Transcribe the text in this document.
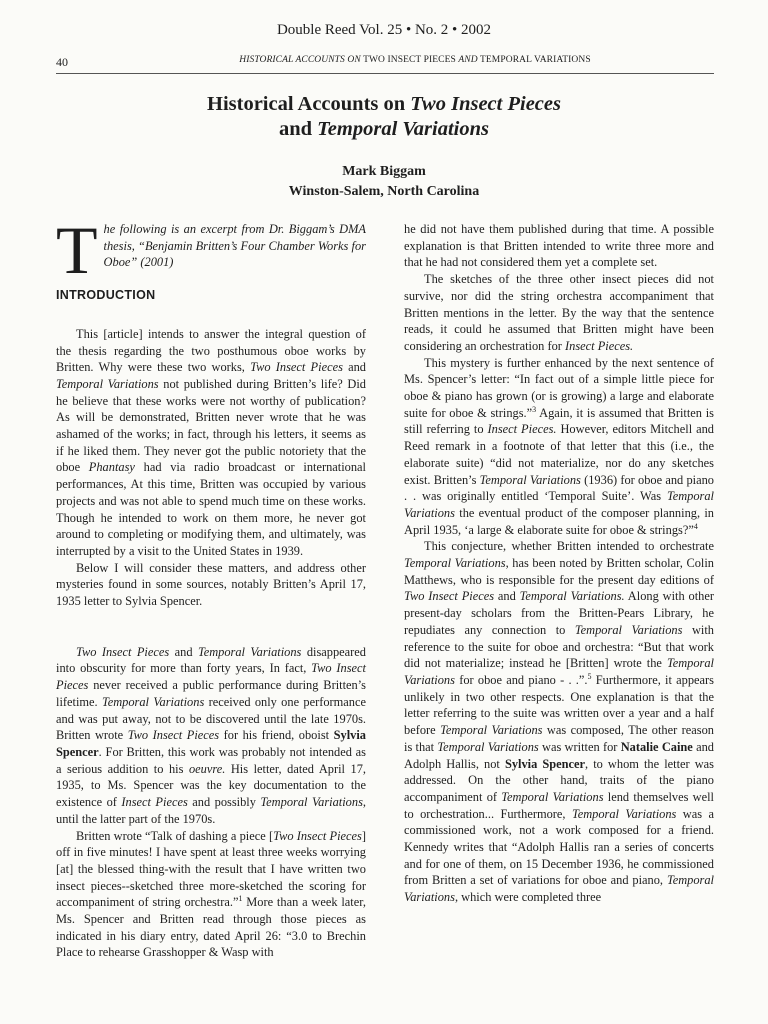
Double Reed Vol. 25 • No. 2 • 2002
40	HISTORICAL ACCOUNTS ON TWO INSECT PIECES AND TEMPORAL VARIATIONS
Historical Accounts on Two Insect Pieces
and Temporal Variations
Mark Biggam
Winston-Salem, North Carolina

The following is an excerpt from Dr. Biggam’s DMA thesis, “Benjamin Britten’s Four Chamber Works for Oboe” (2001)

INTRODUCTION

This [article] intends to answer the integral question of the thesis regarding the two posthumous oboe works by Britten. Why were these two works, Two Insect Pieces and Temporal Variations not published during Britten’s life? Did he believe that these works were not worthy of publication? As will be demonstrated, Britten never wrote that he was ashamed of the works; in fact, through his letters, it seems as if he liked them. They never got the public notoriety that the oboe Phantasy had via radio broadcast or international performances, At this time, Britten was occupied by various projects and was not able to spend much time on these works. Though he intended to work on them more, he never got around to completing or modifying them, and ultimately, was interrupted by a visit to the United States in 1939.

Below I will consider these matters, and address other mysteries found in some sources, notably Britten’s April 17, 1935 letter to Sylvia Spencer.

Two Insect Pieces and Temporal Variations disappeared into obscurity for more than forty years, In fact, Two Insect Pieces never received a public performance during Britten’s lifetime. Temporal Variations received only one performance and was put away, not to be discovered until the late 1970s. Britten wrote Two Insect Pieces for his friend, oboist Sylvia Spencer. For Britten, this work was probably not intended as a serious addition to his oeuvre. His letter, dated April 17, 1935, to Ms. Spencer was the key documentation to the existence of Insect Pieces and possibly Temporal Variations, until the latter part of the 1970s.

Britten wrote “Talk of dashing a piece [Two Insect Pieces] off in five minutes! I have spent at least three weeks worrying [at] the blessed thing-with the result that I have written two insect pieces--sketched three more-sketched the scoring for accompaniment of string orchestra.”$^1$ More than a week later, Ms. Spencer and Britten read through those pieces as indicated in his diary entry, dated April 26: “3.0 to Brechin Place to rehearse Grasshopper & Wasp with

he did not have them published during that time. A possible explanation is that Britten intended to write three more and that he had not considered them yet a complete set.

The sketches of the three other insect pieces did not survive, nor did the string orchestra accompaniment that Britten mentions in the letter. By the way that the sentence reads, it could he assumed that Britten might have been considering an orchestration for Insect Pieces.

This mystery is further enhanced by the next sentence of Ms. Spencer’s letter: “In fact out of a simple little piece for oboe & piano has grown (or is growing) a large and elaborate suite for oboe & strings.”$^3$ Again, it is assumed that Britten is still referring to Insect Pieces. However, editors Mitchell and Reed remark in a footnote of that letter that this (i.e., the elaborate suite) “did not materialize, nor do any sketches exist. Britten’s Temporal Variations (1936) for oboe and piano . . was originally entitled ‘Temporal Suite’. Was Temporal Variations the eventual product of the composer planning, in April 1935, ‘a large & elaborate suite for oboe & strings?”$^4$

This conjecture, whether Britten intended to orchestrate Temporal Variations, has been noted by Britten scholar, Colin Matthews, who is responsible for the present day editions of Two Insect Pieces and Temporal Variations. Along with other present-day scholars from the Britten-Pears Library, he repudiates any connection to Temporal Variations with reference to the suite for oboe and orchestra: “But that work did not materialize; instead he [Britten] wrote the Temporal Variations for oboe and piano - . .”.$^5$ Furthermore, it appears unlikely in two other respects. One explanation is that the letter referring to the suite was written over a year and a half before Temporal Variations was composed, The other reason is that Temporal Variations was written for Natalie Caine and Adolph Hallis, not Sylvia Spencer, to whom the letter was addressed. On the other hand, traits of the piano accompaniment of Temporal Variations lend themselves well to orchestration... Furthermore, Temporal Variations was a commissioned work, not a work composed for a friend. Kennedy writes that “Adolph Hallis ran a series of concerts and for one of them, on 15 December 1936, he commissioned from Britten a set of variations for oboe and piano, Temporal Variations, which were completed three
